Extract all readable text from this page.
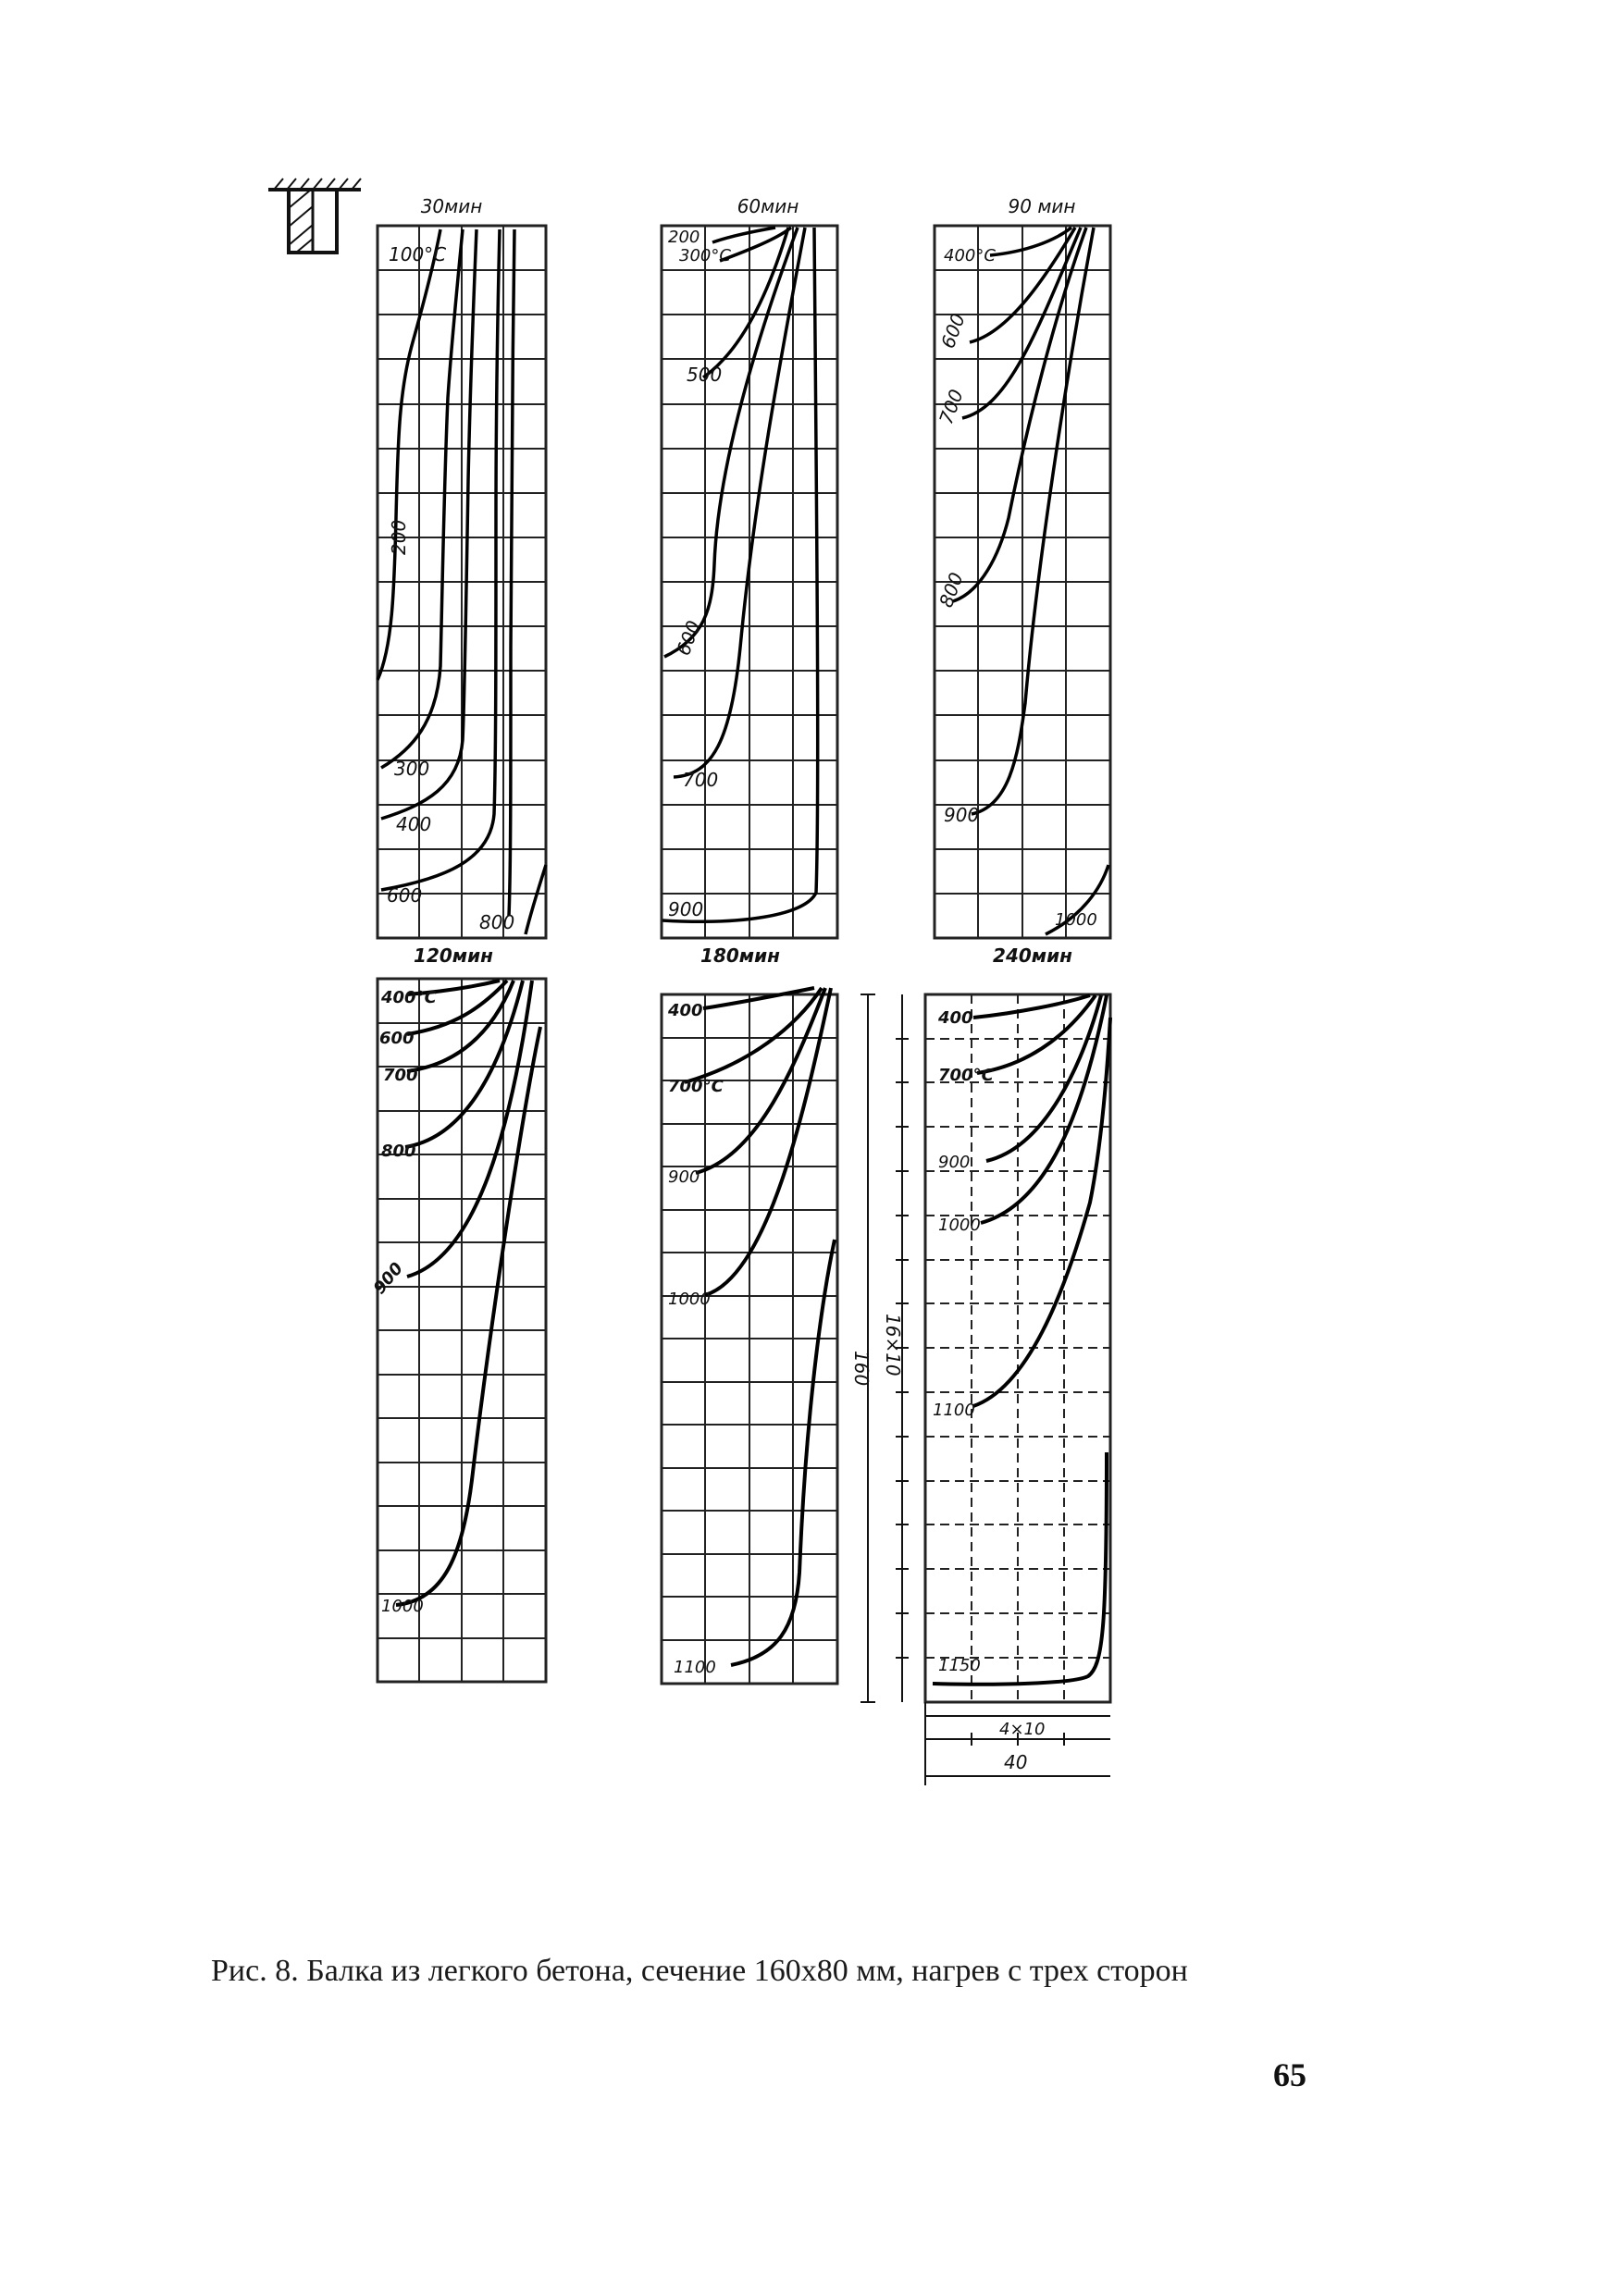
30мин
100°C
200
300
400
600
800
60мин
200
300°C
500
600
700
900
90 мин
400°C
600
700
800
900
1000
120мин
400°C
600
700
800
900
1000
180мин
400
700°C
900
1000
1100
240мин
400
700°C
900
1000
1100
1150
160 16×10
4×10
40
Рис. 8. Балка из легкого бетона, сечение 160х80 мм, нагрев с трех сторон
65
